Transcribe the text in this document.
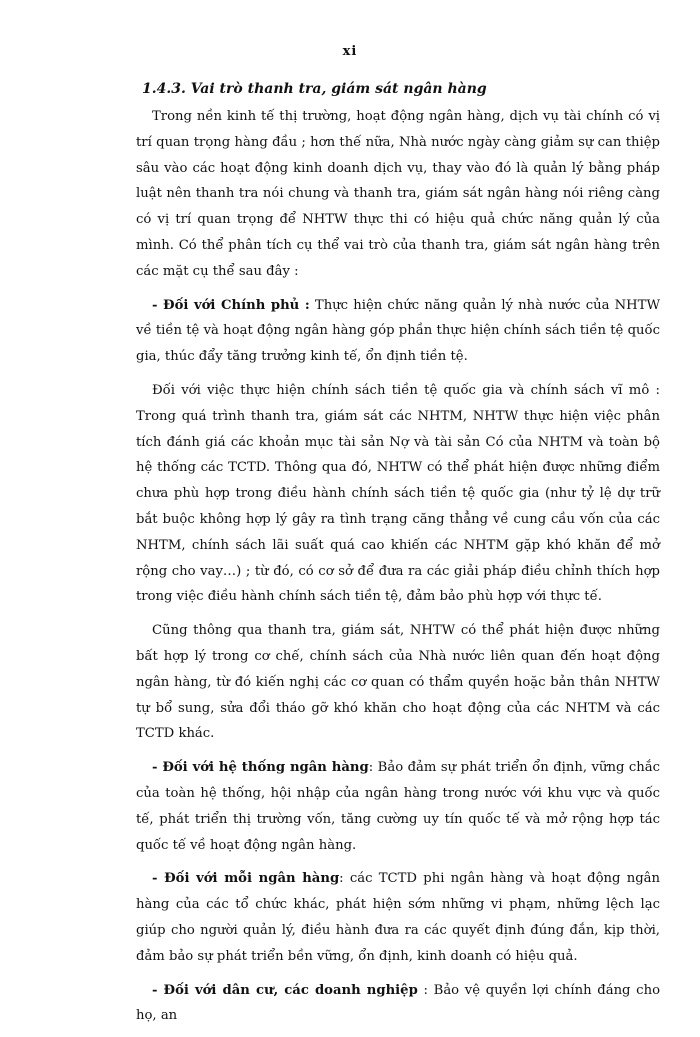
xi
1.4.3. Vai trò thanh tra, giám sát ngân hàng

Trong nền kinh tế thị trường, hoạt động ngân hàng, dịch vụ tài chính có vị trí quan trọng hàng đầu ; hơn thế nữa, Nhà nước ngày càng giảm sự can thiệp sâu vào các hoạt động kinh doanh dịch vụ, thay vào đó là quản lý bằng pháp luật nên thanh tra nói chung và thanh tra, giám sát ngân hàng nói riêng càng có vị trí quan trọng để NHTW thực thi có hiệu quả chức năng quản lý của mình. Có thể phân tích cụ thể vai trò của thanh tra, giám sát ngân hàng trên các mặt cụ thể sau đây :

- Đối với Chính phủ : Thực hiện chức năng quản lý nhà nước của NHTW về tiền tệ và hoạt động ngân hàng góp phần thực hiện chính sách tiền tệ quốc gia, thúc đẩy tăng trưởng kinh tế, ổn định tiền tệ.

Đối với việc thực hiện chính sách tiền tệ quốc gia và chính sách vĩ mô : Trong quá trình thanh tra, giám sát các NHTM, NHTW thực hiện việc phân tích đánh giá các khoản mục tài sản Nợ và tài sản Có của NHTM và toàn bộ hệ thống các TCTD. Thông qua đó, NHTW có thể phát hiện được những điểm chưa phù hợp trong điều hành chính sách tiền tệ quốc gia (như tỷ lệ dự trữ bắt buộc không hợp lý gây ra tình trạng căng thẳng về cung cầu vốn của các NHTM, chính sách lãi suất quá cao khiến các NHTM gặp khó khăn để mở rộng cho vay…) ; từ đó, có cơ sở để đưa ra các giải pháp điều chỉnh thích hợp trong việc điều hành chính sách tiền tệ, đảm bảo phù hợp với thực tế.

Cũng thông qua thanh tra, giám sát, NHTW có thể phát hiện được những bất hợp lý trong cơ chế, chính sách của Nhà nước liên quan đến hoạt động ngân hàng, từ đó kiến nghị các cơ quan có thẩm quyền hoặc bản thân NHTW tự bổ sung, sửa đổi tháo gỡ khó khăn cho hoạt động của các NHTM và các TCTD khác.

- Đối với hệ thống ngân hàng: Bảo đảm sự phát triển ổn định, vững chắc của toàn hệ thống, hội nhập của ngân hàng trong nước với khu vực và quốc tế, phát triển thị trường vốn, tăng cường uy tín quốc tế và mở rộng hợp tác quốc tế về hoạt động ngân hàng.

- Đối với mỗi ngân hàng: các TCTD phi ngân hàng và hoạt động ngân hàng của các tổ chức khác, phát hiện sớm những vi phạm, những lệch lạc giúp cho người quản lý, điều hành đưa ra các quyết định đúng đắn, kịp thời, đảm bảo sự phát triển bền vững, ổn định, kinh doanh có hiệu quả.

- Đối với dân cư, các doanh nghiệp : Bảo vệ quyền lợi chính đáng cho họ, an
